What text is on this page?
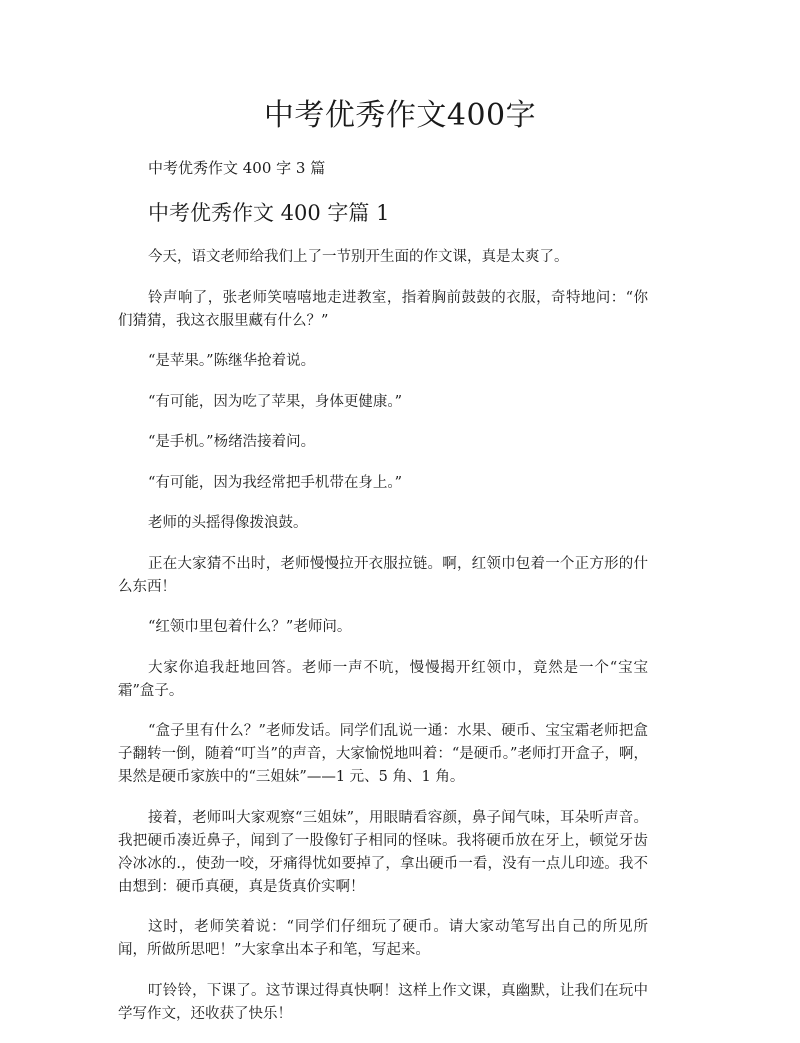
中考优秀作文400字
中考优秀作文 400 字 3 篇
中考优秀作文 400 字篇 1

今天，语文老师给我们上了一节别开生面的作文课，真是太爽了。

铃声响了，张老师笑嘻嘻地走进教室，指着胸前鼓鼓的衣服，奇特地问：“你们猜猜，我这衣服里藏有什么？”

“是苹果。”陈继华抢着说。

“有可能，因为吃了苹果，身体更健康。”

“是手机。”杨绪浩接着问。

“有可能，因为我经常把手机带在身上。”

老师的头摇得像拨浪鼓。

正在大家猜不出时，老师慢慢拉开衣服拉链。啊，红领巾包着一个正方形的什么东西！

“红领巾里包着什么？”老师问。

大家你追我赶地回答。老师一声不吭，慢慢揭开红领巾，竟然是一个“宝宝霜”盒子。

“盒子里有什么？”老师发话。同学们乱说一通：水果、硬币、宝宝霜老师把盒子翻转一倒，随着“叮当”的声音，大家愉悦地叫着：“是硬币。”老师打开盒子，啊，果然是硬币家族中的“三姐妹”——1 元、5 角、1 角。

接着，老师叫大家观察“三姐妹”，用眼睛看容颜，鼻子闻气味，耳朵听声音。我把硬币凑近鼻子，闻到了一股像钉子相同的怪味。我将硬币放在牙上，顿觉牙齿冷冰冰的.，使劲一咬，牙痛得忧如要掉了，拿出硬币一看，没有一点儿印迹。我不由想到：硬币真硬，真是货真价实啊！

这时，老师笑着说：“同学们仔细玩了硬币。请大家动笔写出自己的所见所闻，所做所思吧！”大家拿出本子和笔，写起来。

叮铃铃，下课了。这节课过得真快啊！这样上作文课，真幽默，让我们在玩中学写作文，还收获了快乐！
